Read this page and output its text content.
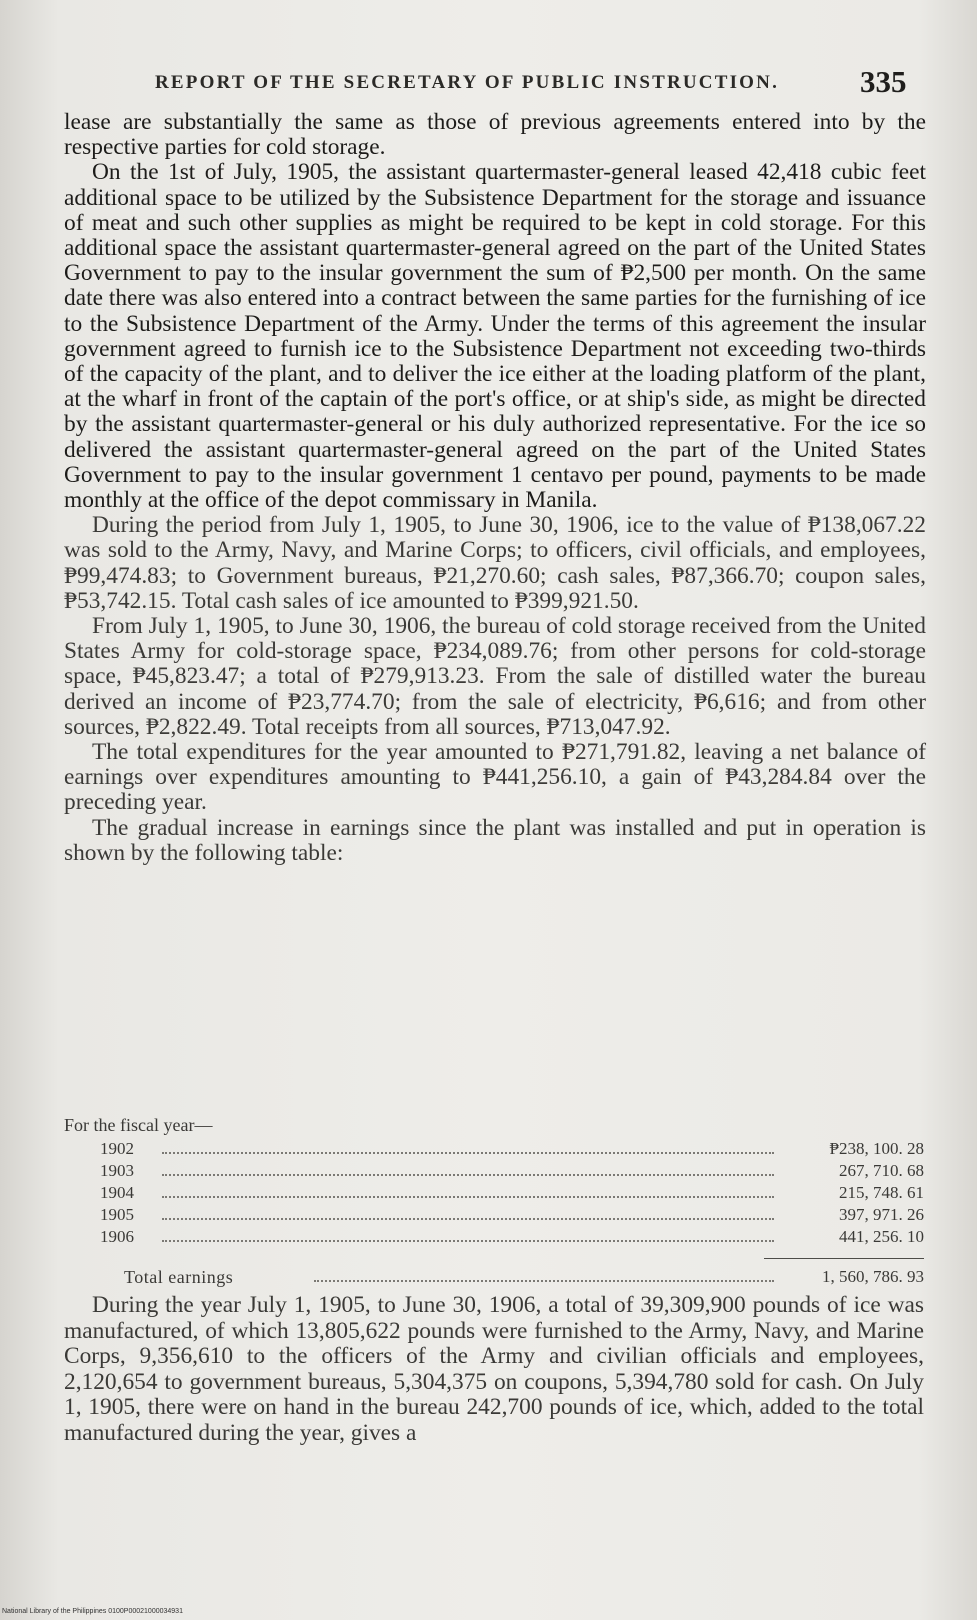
REPORT OF THE SECRETARY OF PUBLIC INSTRUCTION.	335

lease are substantially the same as those of previous agreements entered into by the respective parties for cold storage.

On the 1st of July, 1905, the assistant quartermaster-general leased 42,418 cubic feet additional space to be utilized by the Subsistence Department for the storage and issuance of meat and such other supplies as might be required to be kept in cold storage. For this additional space the assistant quartermaster-general agreed on the part of the United States Government to pay to the insular government the sum of ₱2,500 per month. On the same date there was also entered into a contract between the same parties for the furnishing of ice to the Subsistence Department of the Army. Under the terms of this agreement the insular government agreed to furnish ice to the Subsistence Department not exceeding two-thirds of the capacity of the plant, and to deliver the ice either at the loading platform of the plant, at the wharf in front of the captain of the port's office, or at ship's side, as might be directed by the assistant quartermaster-general or his duly authorized representative. For the ice so delivered the assistant quartermaster-general agreed on the part of the United States Government to pay to the insular government 1 centavo per pound, payments to be made monthly at the office of the depot commissary in Manila.

During the period from July 1, 1905, to June 30, 1906, ice to the value of ₱138,067.22 was sold to the Army, Navy, and Marine Corps; to officers, civil officials, and employees, ₱99,474.83; to Government bureaus, ₱21,270.60; cash sales, ₱87,366.70; coupon sales, ₱53,742.15. Total cash sales of ice amounted to ₱399,921.50.

From July 1, 1905, to June 30, 1906, the bureau of cold storage received from the United States Army for cold-storage space, ₱234,089.76; from other persons for cold-storage space, ₱45,823.47; a total of ₱279,913.23. From the sale of distilled water the bureau derived an income of ₱23,774.70; from the sale of electricity, ₱6,616; and from other sources, ₱2,822.49. Total receipts from all sources, ₱713,047.92.

The total expenditures for the year amounted to ₱271,791.82, leaving a net balance of earnings over expenditures amounting to ₱441,256.10, a gain of ₱43,284.84 over the preceding year.

The gradual increase in earnings since the plant was installed and put in operation is shown by the following table:

For the fiscal year—
1902	₱238, 100. 28
1903	267, 710. 68
1904	215, 748. 61
1905	397, 971. 26
1906	441, 256. 10
Total earnings	1, 560, 786. 93

During the year July 1, 1905, to June 30, 1906, a total of 39,309,900 pounds of ice was manufactured, of which 13,805,622 pounds were furnished to the Army, Navy, and Marine Corps, 9,356,610 to the officers of the Army and civilian officials and employees, 2,120,654 to government bureaus, 5,304,375 on coupons, 5,394,780 sold for cash. On July 1, 1905, there were on hand in the bureau 242,700 pounds of ice, which, added to the total manufactured during the year, gives a

National Library of the Philippines 0100P00021000034931
